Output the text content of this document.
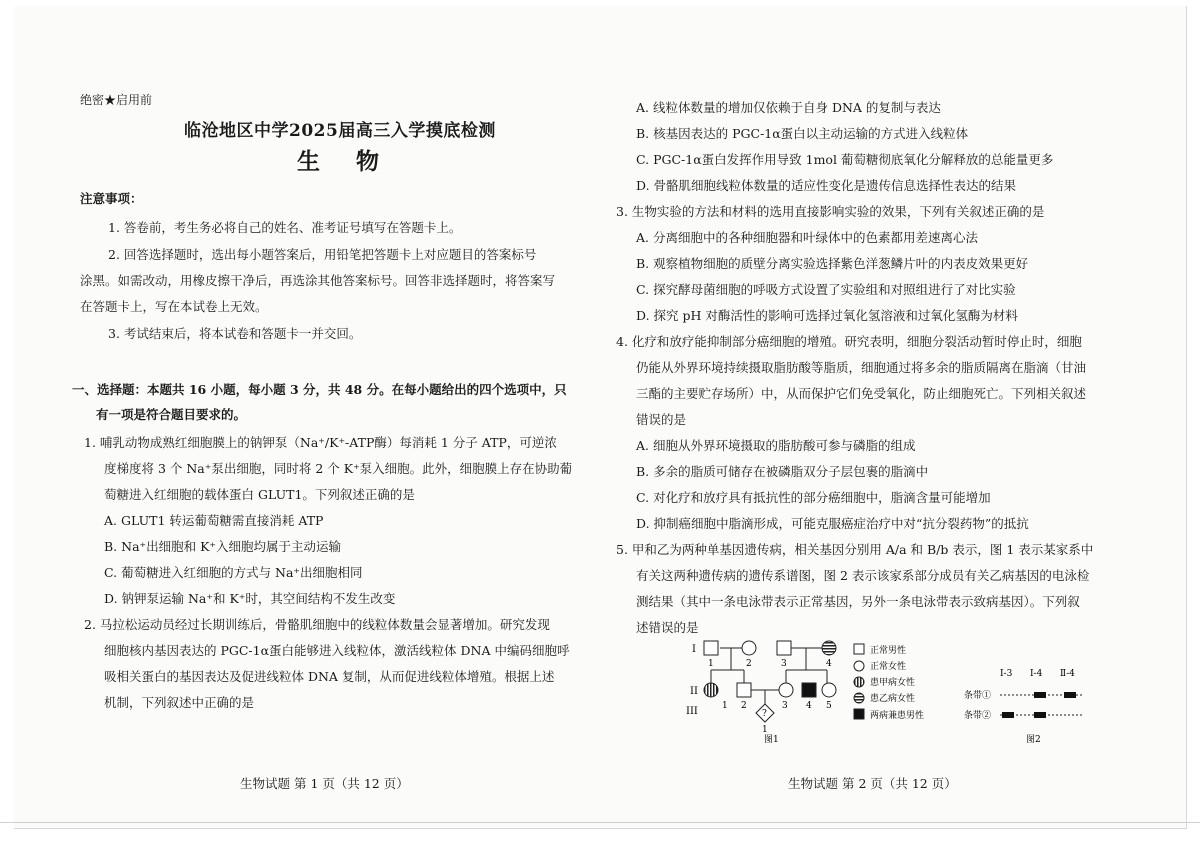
绝密★启用前
临沧地区中学2025届高三入学摸底检测
生 物
注意事项：
1. 答卷前，考生务必将自己的姓名、准考证号填写在答题卡上。
2. 回答选择题时，选出每小题答案后，用铅笔把答题卡上对应题目的答案标号
涂黑。如需改动，用橡皮擦干净后，再选涂其他答案标号。回答非选择题时，将答案写
在答题卡上，写在本试卷上无效。
3. 考试结束后，将本试卷和答题卡一并交回。
一、选择题：本题共 16 小题，每小题 3 分，共 48 分。在每小题给出的四个选项中，只
有一项是符合题目要求的。
1. 哺乳动物成熟红细胞膜上的钠钾泵（Na⁺/K⁺-ATP酶）每消耗 1 分子 ATP，可逆浓
度梯度将 3 个 Na⁺泵出细胞，同时将 2 个 K⁺泵入细胞。此外，细胞膜上存在协助葡
萄糖进入红细胞的载体蛋白 GLUT1。下列叙述正确的是
A. GLUT1 转运葡萄糖需直接消耗 ATP
B. Na⁺出细胞和 K⁺入细胞均属于主动运输
C. 葡萄糖进入红细胞的方式与 Na⁺出细胞相同
D. 钠钾泵运输 Na⁺和 K⁺时，其空间结构不发生改变
2. 马拉松运动员经过长期训练后，骨骼肌细胞中的线粒体数量会显著增加。研究发现
细胞核内基因表达的 PGC-1α蛋白能够进入线粒体，激活线粒体 DNA 中编码细胞呼
吸相关蛋白的基因表达及促进线粒体 DNA 复制，从而促进线粒体增殖。根据上述
机制，下列叙述中正确的是
生物试题 第 1 页（共 12 页）
A. 线粒体数量的增加仅依赖于自身 DNA 的复制与表达
B. 核基因表达的 PGC-1α蛋白以主动运输的方式进入线粒体
C. PGC-1α蛋白发挥作用导致 1mol 葡萄糖彻底氧化分解释放的总能量更多
D. 骨骼肌细胞线粒体数量的适应性变化是遗传信息选择性表达的结果
3. 生物实验的方法和材料的选用直接影响实验的效果，下列有关叙述正确的是
A. 分离细胞中的各种细胞器和叶绿体中的色素都用差速离心法
B. 观察植物细胞的质壁分离实验选择紫色洋葱鳞片叶的内表皮效果更好
C. 探究酵母菌细胞的呼吸方式设置了实验组和对照组进行了对比实验
D. 探究 pH 对酶活性的影响可选择过氧化氢溶液和过氧化氢酶为材料
4. 化疗和放疗能抑制部分癌细胞的增殖。研究表明，细胞分裂活动暂时停止时，细胞
仍能从外界环境持续摄取脂肪酸等脂质，细胞通过将多余的脂质隔离在脂滴（甘油
三酯的主要贮存场所）中，从而保护它们免受氧化，防止细胞死亡。下列相关叙述
错误的是
A. 细胞从外界环境摄取的脂肪酸可参与磷脂的组成
B. 多余的脂质可储存在被磷脂双分子层包裹的脂滴中
C. 对化疗和放疗具有抵抗性的部分癌细胞中，脂滴含量可能增加
D. 抑制癌细胞中脂滴形成，可能克服癌症治疗中对“抗分裂药物”的抵抗
5. 甲和乙为两种单基因遗传病，相关基因分别用 A/a 和 B/b 表示，图 1 表示某家系中
有关这两种遗传病的遗传系谱图，图 2 表示该家系部分成员有关乙病基因的电泳检
测结果（其中一条电泳带表示正常基因，另外一条电泳带表示致病基因）。下列叙
述错误的是
生物试题 第 2 页（共 12 页）
I
1	2	3	4
II
1 2	3 4 5
III	?
1
图1
正常男性
正常女性
患甲病女性
患乙病女性
两病兼患男性
Ⅰ-3 Ⅰ-4 Ⅱ-4
条带①
条带②
图2
